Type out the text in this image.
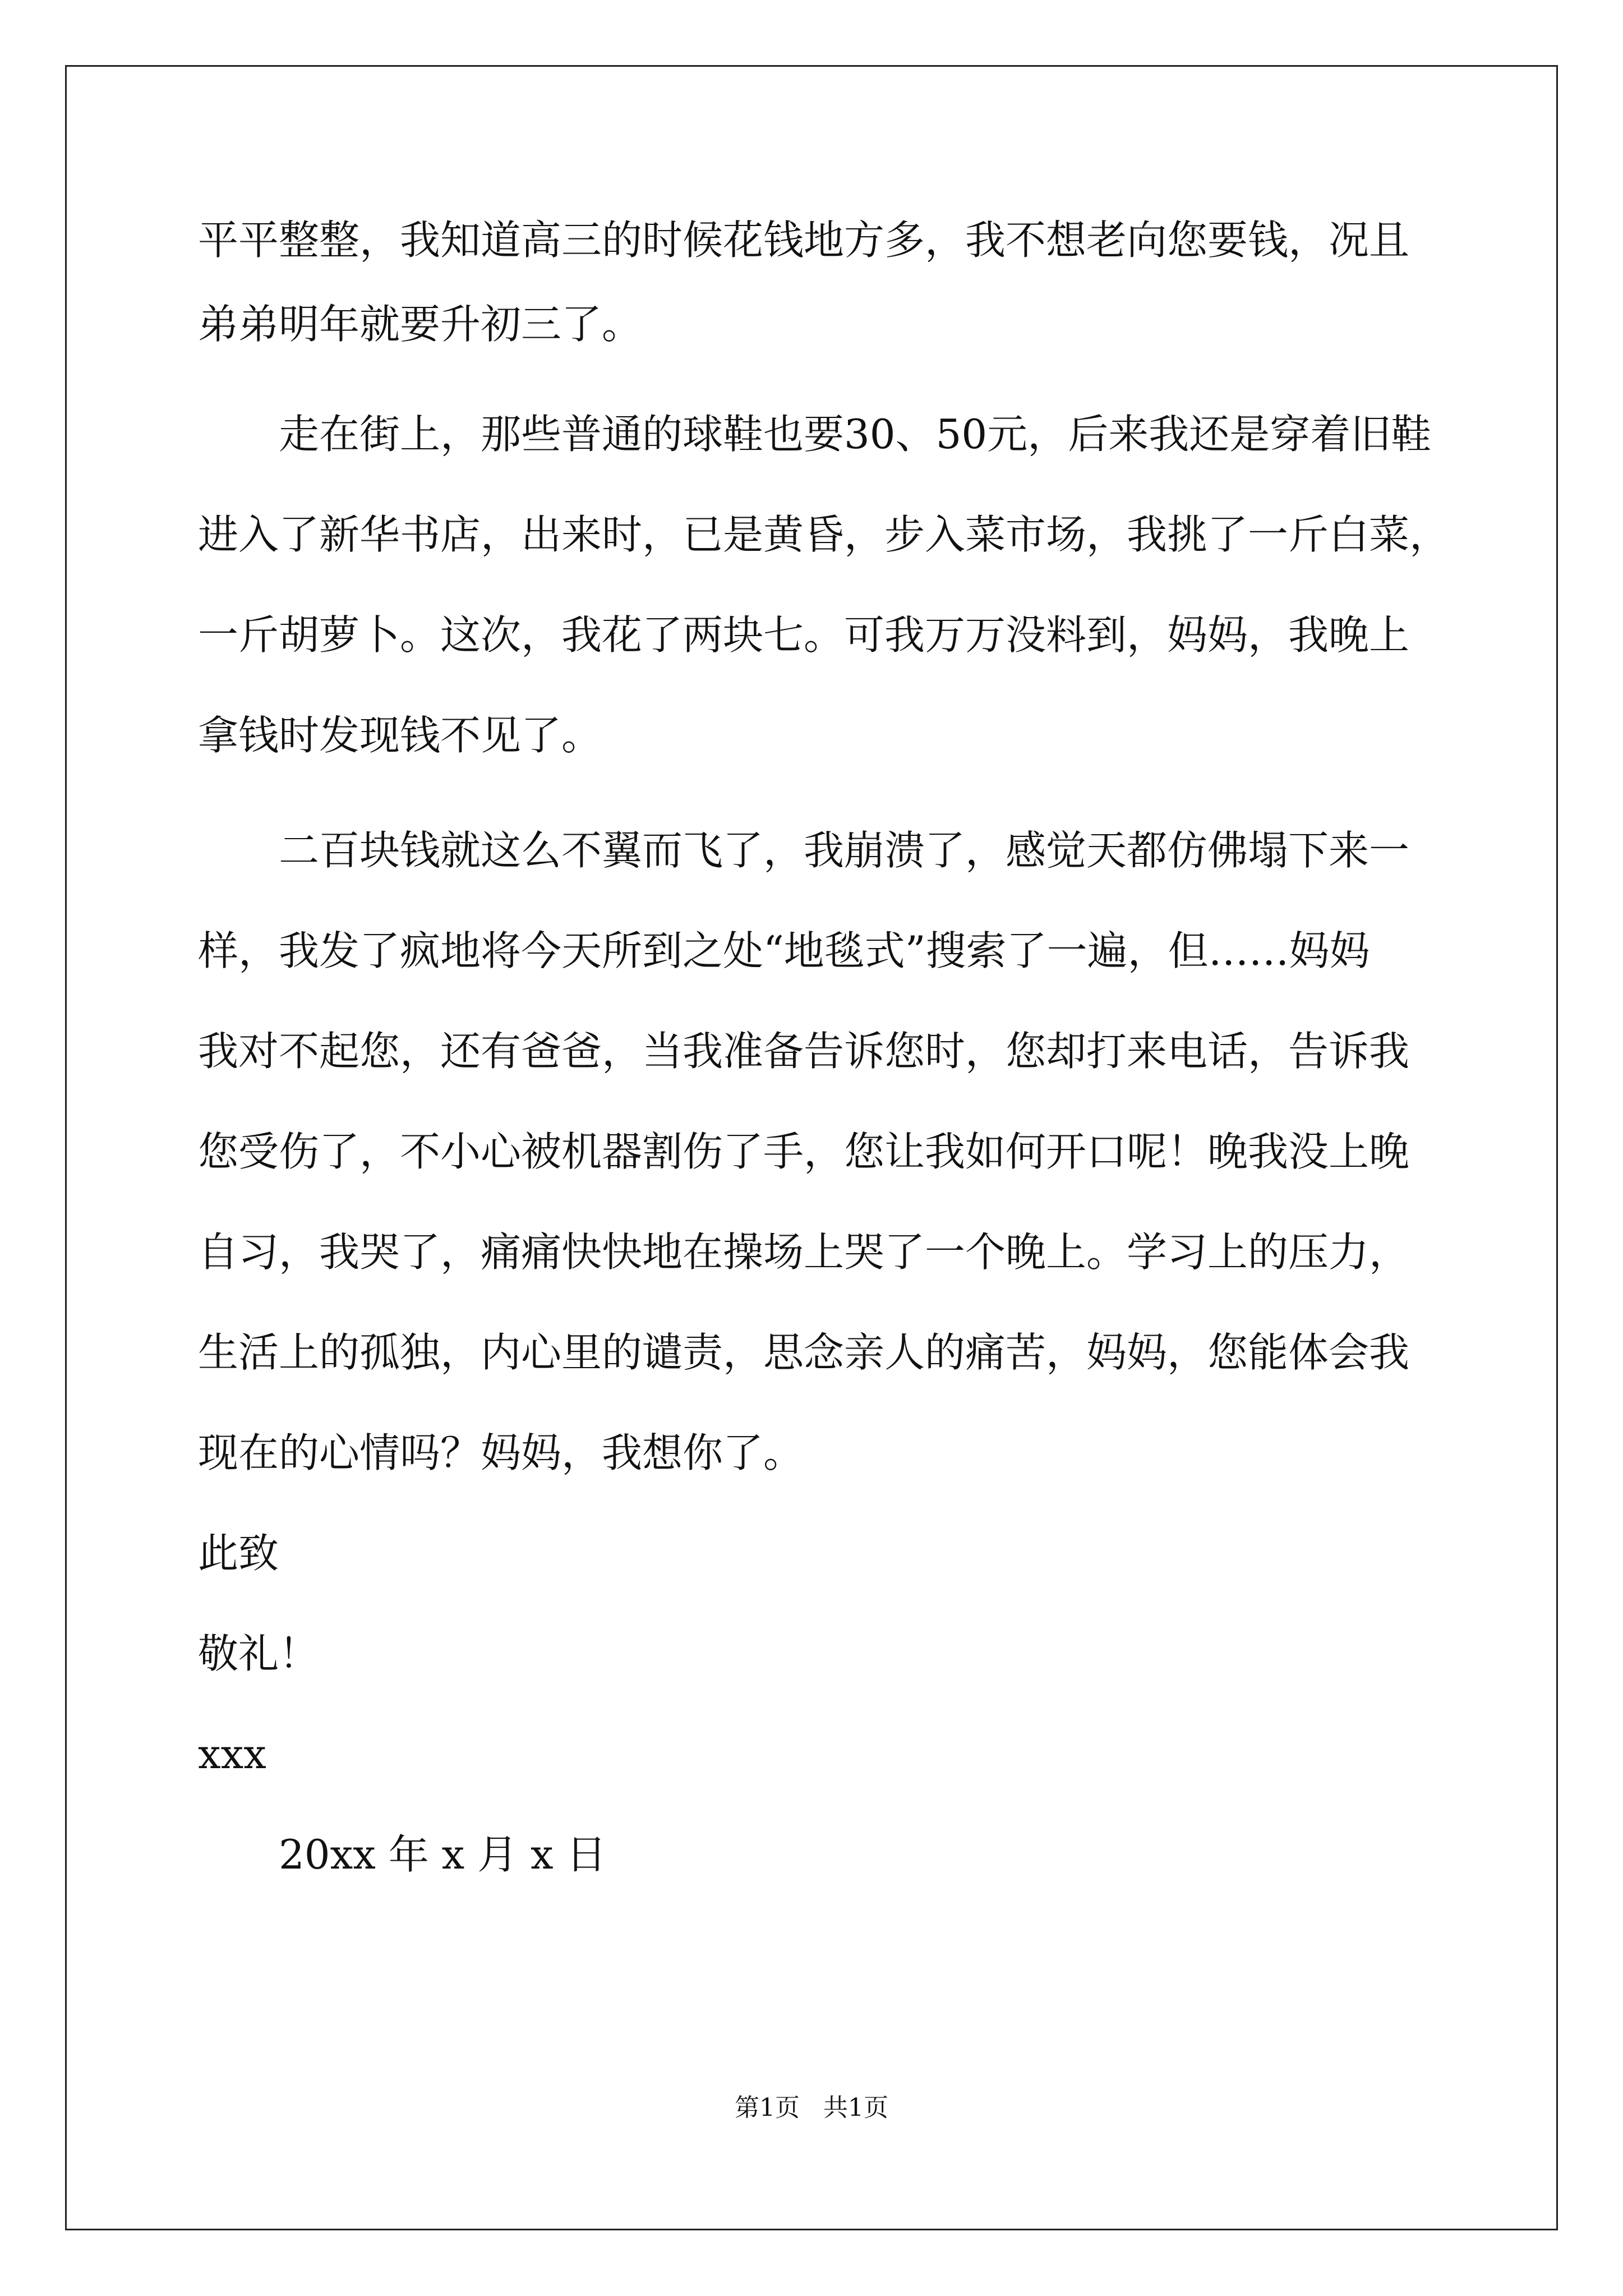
平平整整，我知道高三的时候花钱地方多，我不想老向您要钱，况且
弟弟明年就要升初三了。
走在街上，那些普通的球鞋也要30、50元，后来我还是穿着旧鞋
进入了新华书店，出来时，已是黄昏，步入菜市场，我挑了一斤白菜，
一斤胡萝卜。这次，我花了两块七。可我万万没料到，妈妈，我晚上
拿钱时发现钱不见了。
二百块钱就这么不翼而飞了，我崩溃了，感觉天都仿佛塌下来一
样，我发了疯地将今天所到之处“地毯式”搜索了一遍，但……妈妈
我对不起您，还有爸爸，当我准备告诉您时，您却打来电话，告诉我
您受伤了，不小心被机器割伤了手，您让我如何开口呢！晚我没上晚
自习，我哭了，痛痛快快地在操场上哭了一个晚上。学习上的压力，
生活上的孤独，内心里的谴责，思念亲人的痛苦，妈妈，您能体会我
现在的心情吗？妈妈，我想你了。
此致
敬礼！
xxx
20xx 年 x 月 x 日
第1页   共1页
